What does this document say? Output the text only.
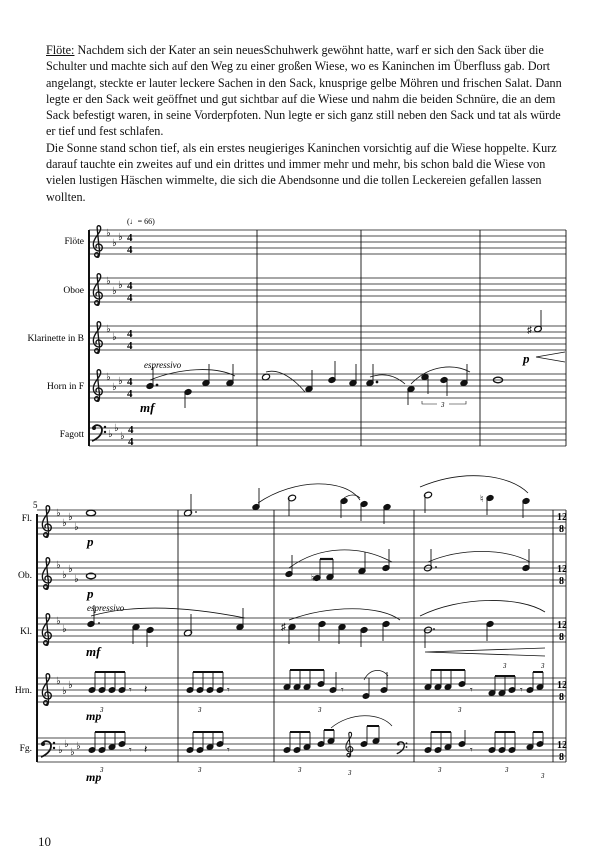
Flöte: Nachdem sich der Kater an sein neuesSchuhwerk gewöhnt hatte, warf er sich den Sack über die Schulter und machte sich auf den Weg zu einer großen Wiese, wo es Kaninchen im Überfluss gab. Dort angelangt, steckte er lauter leckere Sachen in den Sack, knusprige gelbe Möhren und frischen Salat. Dann legte er den Sack weit geöffnet und gut sichtbar auf die Wiese und nahm die beiden Schnüre, die an dem Sack befestigt waren, in seine Vorderpfoten. Nun legte er sich ganz still neben den Sack und tat als würde er tief und fest schlafen.

Die Sonne stand schon tief, als ein erstes neugieriges Kaninchen vorsichtig auf die Wiese hoppelte. Kurz darauf tauchte ein zweites auf und ein drittes und immer mehr und mehr, bis schon bald die Wiese von vielen lustigen Häschen wimmelte, die sich die Abendsonne und die tollen Leckereien gefallen lassen wollten.

(♩= 66)
Flöte
♭
♭
♭ 4
4
Oboe
♭
♭
♭ 4
4
Klarinette in B
♭
♭ 4
4
♯
p
Horn in F
♭
♭
♭ 4
4
espressivo
mf	3
Fagott ♭
♭
♭
4
4
5
Fl. ♭
♭
♭
♭
p
♮
12
8
Ob.
♭
♭
♭
♭
p
♮
12
8
Kl.
♭
♭
espressivo
mf
♯	12
8
Hrn.
♭
♭
♭
mp
𝄾 𝄽	𝄾	𝄾	𝄾	𝄾
3	3	3	3
3	3
12
8
Fg.	♭
♭
♭
♭
mp
𝄾 𝄽	𝄾	𝄾
3	3	3	3	3	3
3
12
8
10
